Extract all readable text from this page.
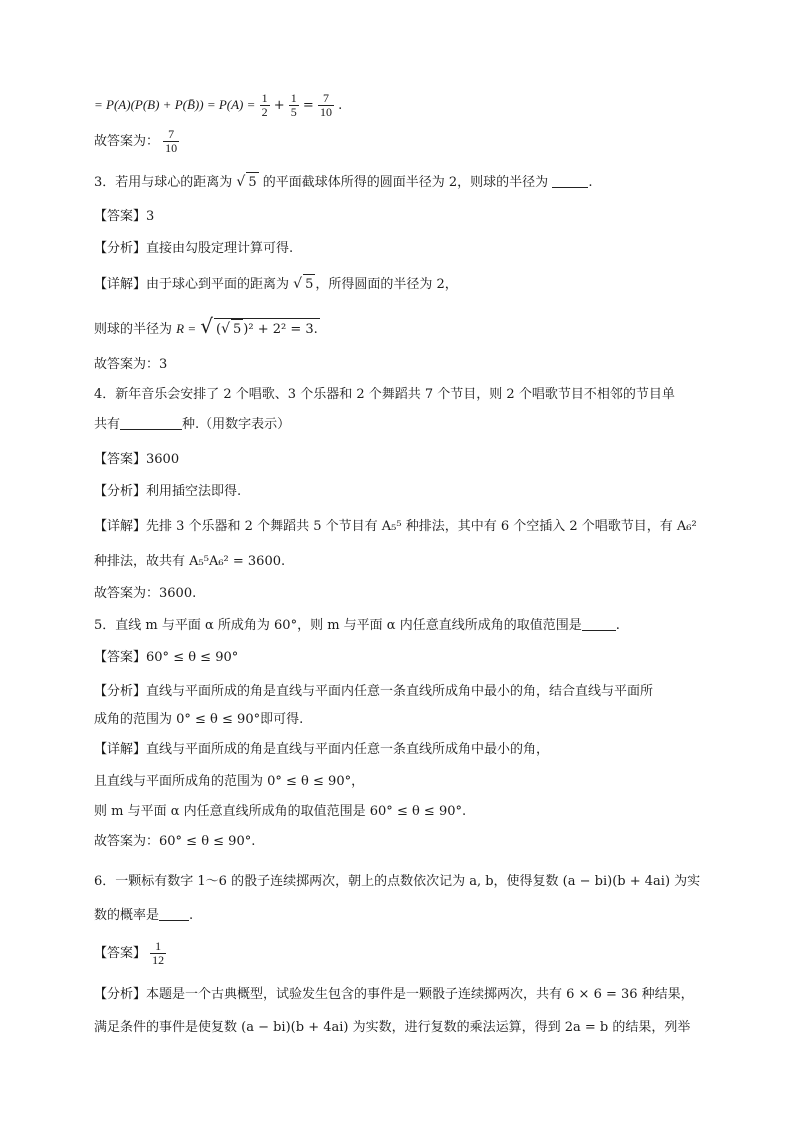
= P(A)(P(B) + P(B̄)) = $P(A) = \frac{1}{2} + \frac{1}{5} = \frac{7}{10}$ .
故答案为： $\frac{7}{10}$
3．若用与球心的距离为 √ 5 的平面截球体所得的圆面半径为 2，则球的半径为	.
【答案】3
【分析】直接由勾股定理计算可得.
【详解】由于球心到平面的距离为 √ 5 ，所得圆面的半径为 2，
则球的半径为 R = √ (√ 5 )² + 2² = 3.
故答案为：3
4．新年音乐会安排了 2 个唱歌、3 个乐器和 2 个舞蹈共 7 个节目，则 2 个唱歌节目不相邻的节目单
共有	种.（用数字表示）
【答案】3600
【分析】利用插空法即得.
【详解】先排 3 个乐器和 2 个舞蹈共 5 个节目有 A₅⁵ 种排法，其中有 6 个空插入 2 个唱歌节目，有 A₆²
种排法，故共有 A₅⁵A₆² = 3600.
故答案为：3600.
5．直线 m 与平面 α 所成角为 60°，则 m 与平面 α 内任意直线所成角的取值范围是	.
【答案】60° ≤ θ ≤ 90°
【分析】直线与平面所成的角是直线与平面内任意一条直线所成角中最小的角，结合直线与平面所
成角的范围为 0° ≤ θ ≤ 90°即可得.
【详解】直线与平面所成的角是直线与平面内任意一条直线所成角中最小的角，
且直线与平面所成角的范围为 0° ≤ θ ≤ 90°，
则 m 与平面 α 内任意直线所成角的取值范围是 60° ≤ θ ≤ 90°.
故答案为：60° ≤ θ ≤ 90°.
6．一颗标有数字 1～6 的骰子连续掷两次，朝上的点数依次记为 a, b，使得复数 (a − bi)(b + 4ai) 为实
数的概率是 .
【答案】 $\frac{1}{12}$
【分析】本题是一个古典概型，试验发生包含的事件是一颗骰子连续掷两次，共有 6 × 6 = 36 种结果，
满足条件的事件是使复数 (a − bi)(b + 4ai) 为实数，进行复数的乘法运算，得到 2a = b 的结果，列举
